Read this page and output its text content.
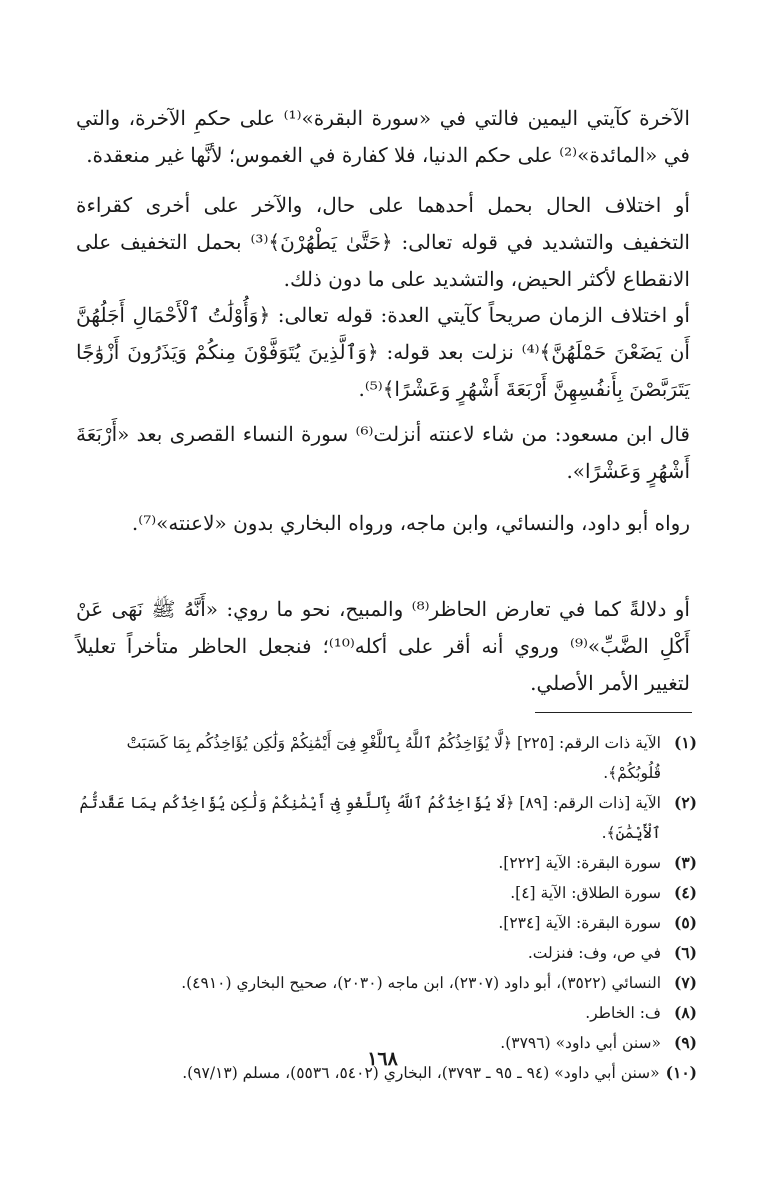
الآخرة كآيتي اليمين فالتي في «سورة البقرة»⁽¹⁾ على حكمِ الآخرة، والتي في «المائدة»⁽²⁾ على حكم الدنيا، فلا كفارة في الغموس؛ لأنَّها غير منعقدة.

أو اختلاف الحال بحمل أحدهما على حال، والآخر على أخرى كقراءة التخفيف والتشديد في قوله تعالى: ﴿حَتَّىٰ يَطْهُرْنَ﴾⁽³⁾ بحمل التخفيف على الانقطاع لأكثر الحيض، والتشديد على ما دون ذلك.

أو اختلاف الزمان صريحاً كآيتي العدة: قوله تعالى: ﴿وَأُوْلَٰتُ ٱلْأَحْمَالِ أَجَلُهُنَّ أَن يَضَعْنَ حَمْلَهُنَّ﴾⁽⁴⁾ نزلت بعد قوله: ﴿وَٱلَّذِينَ يُتَوَفَّوْنَ مِنكُمْ وَيَذَرُونَ أَزْوَٰجًا يَتَرَبَّصْنَ بِأَنفُسِهِنَّ أَرْبَعَةَ أَشْهُرٍ وَعَشْرًا﴾⁽⁵⁾.

قال ابن مسعود: من شاء لاعنته أنزلت⁽⁶⁾ سورة النساء القصرى بعد «أَرْبَعَةَ أَشْهُرٍ وَعَشْرًا».

رواه أبو داود، والنسائي، وابن ماجه، ورواه البخاري بدون «لاعنته»⁽⁷⁾.

أو دلالةً كما في تعارض الحاظر⁽⁸⁾ والمبيح، نحو ما روي: «أَنَّهُ ﷺ نَهَى عَنْ أَكْلِ الضَّبِّ»⁽⁹⁾ وروي أنه أقر على أكله⁽¹⁰⁾؛ فنجعل الحاظر متأخراً تعليلاً لتغيير الأمر الأصلي.

(١)
الآية ذات الرقم: [٢٢٥] ﴿لَّا يُؤَاخِذُكُمُ ٱللَّهُ بِٱللَّغْوِ فِىٓ أَيْمَٰنِكُمْ وَلَٰكِن يُؤَاخِذُكُم بِمَا كَسَبَتْ قُلُوبُكُمْ﴾.
(٢)
الآية [ذات الرقم: [٨٩] ﴿لَا يُؤَاخِذُكُمُ ٱللَّهُ بِٱللَّغْوِ فِىٓ أَيْمَٰنِكُمْ وَلَٰكِن يُؤَاخِذُكُم بِمَا عَقَّدتُّمُ ٱلْأَيْمَٰنَ﴾.
(٣)
سورة البقرة: الآية [٢٢٢].
(٤)
سورة الطلاق: الآية [٤].
(٥)
سورة البقرة: الآية [٢٣٤].
(٦)
في ص، وف: فنزلت.
(٧)
النسائي (٣٥٢٢)، أبو داود (٢٣٠٧)، ابن ماجه (٢٠٣٠)، صحيح البخاري (٤٩١٠).
(٨)
ف: الخاطر.
(٩)
«سنن أبي داود» (٣٧٩٦).
(١٠)
«سنن أبي داود» (٩٤ ـ ٩٥ ـ ٣٧٩٣)، البخاري (٥٤٠٢، ٥٥٣٦)، مسلم (٩٧/١٣).
١٦٨
